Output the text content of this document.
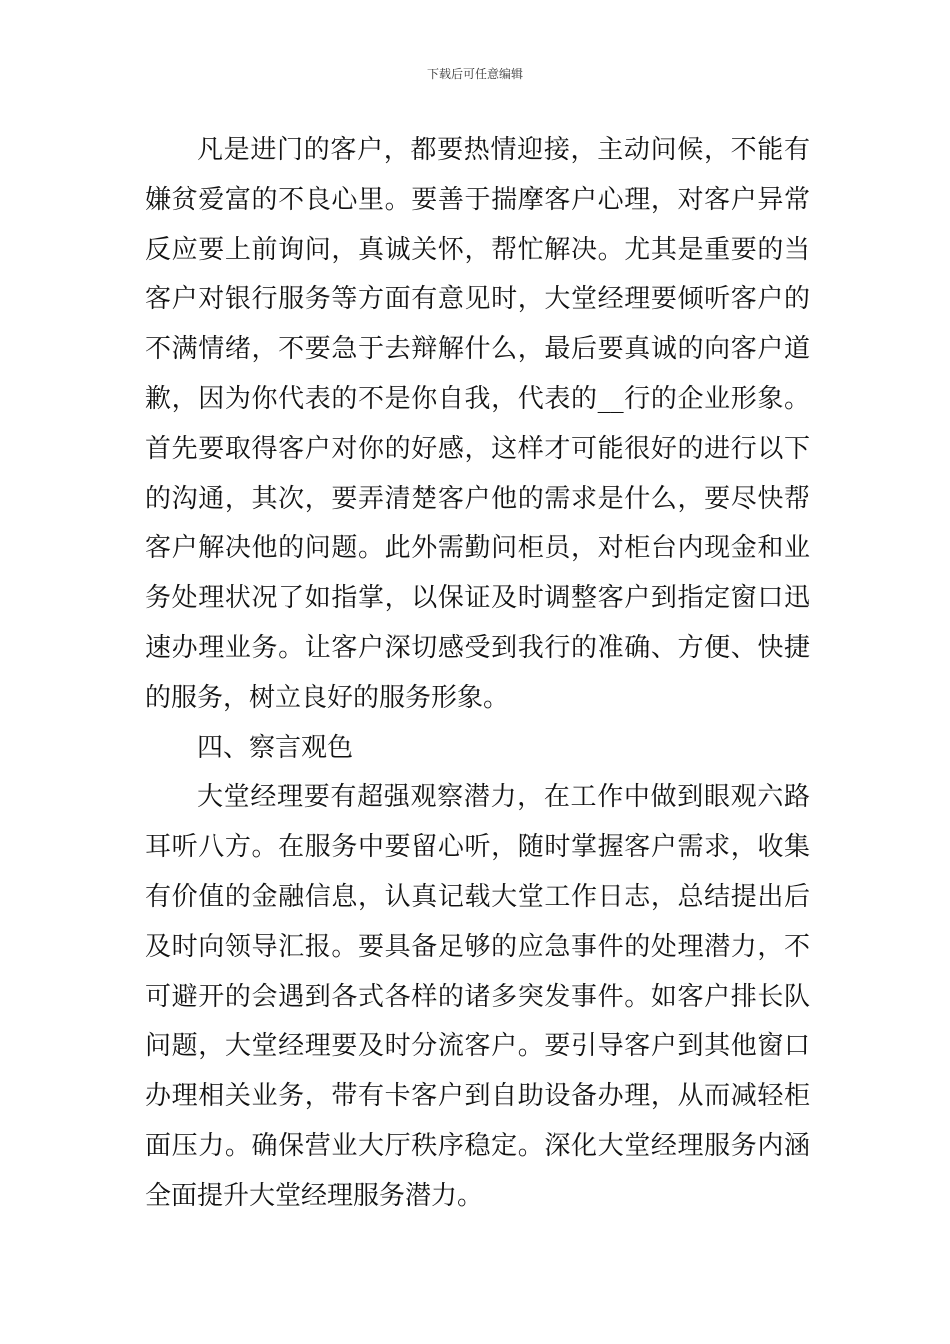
下载后可任意编辑

凡是进门的客户，都要热情迎接，主动问候，不能有嫌贫爱富的不良心里。要善于揣摩客户心理，对客户异常反应要上前询问，真诚关怀，帮忙解决。尤其是重要的当客户对银行服务等方面有意见时，大堂经理要倾听客户的不满情绪，不要急于去辩解什么，最后要真诚的向客户道歉，因为你代表的不是你自我，代表的__行的企业形象。首先要取得客户对你的好感，这样才可能很好的进行以下的沟通，其次，要弄清楚客户他的需求是什么，要尽快帮客户解决他的问题。此外需勤问柜员，对柜台内现金和业务处理状况了如指掌，以保证及时调整客户到指定窗口迅速办理业务。让客户深切感受到我行的准确、方便、快捷的服务，树立良好的服务形象。

四、察言观色

大堂经理要有超强观察潜力，在工作中做到眼观六路耳听八方。在服务中要留心听，随时掌握客户需求，收集有价值的金融信息，认真记载大堂工作日志，总结提出后及时向领导汇报。要具备足够的应急事件的处理潜力，不可避开的会遇到各式各样的诸多突发事件。如客户排长队问题，大堂经理要及时分流客户。要引导客户到其他窗口办理相关业务，带有卡客户到自助设备办理，从而减轻柜面压力。确保营业大厅秩序稳定。深化大堂经理服务内涵全面提升大堂经理服务潜力。
